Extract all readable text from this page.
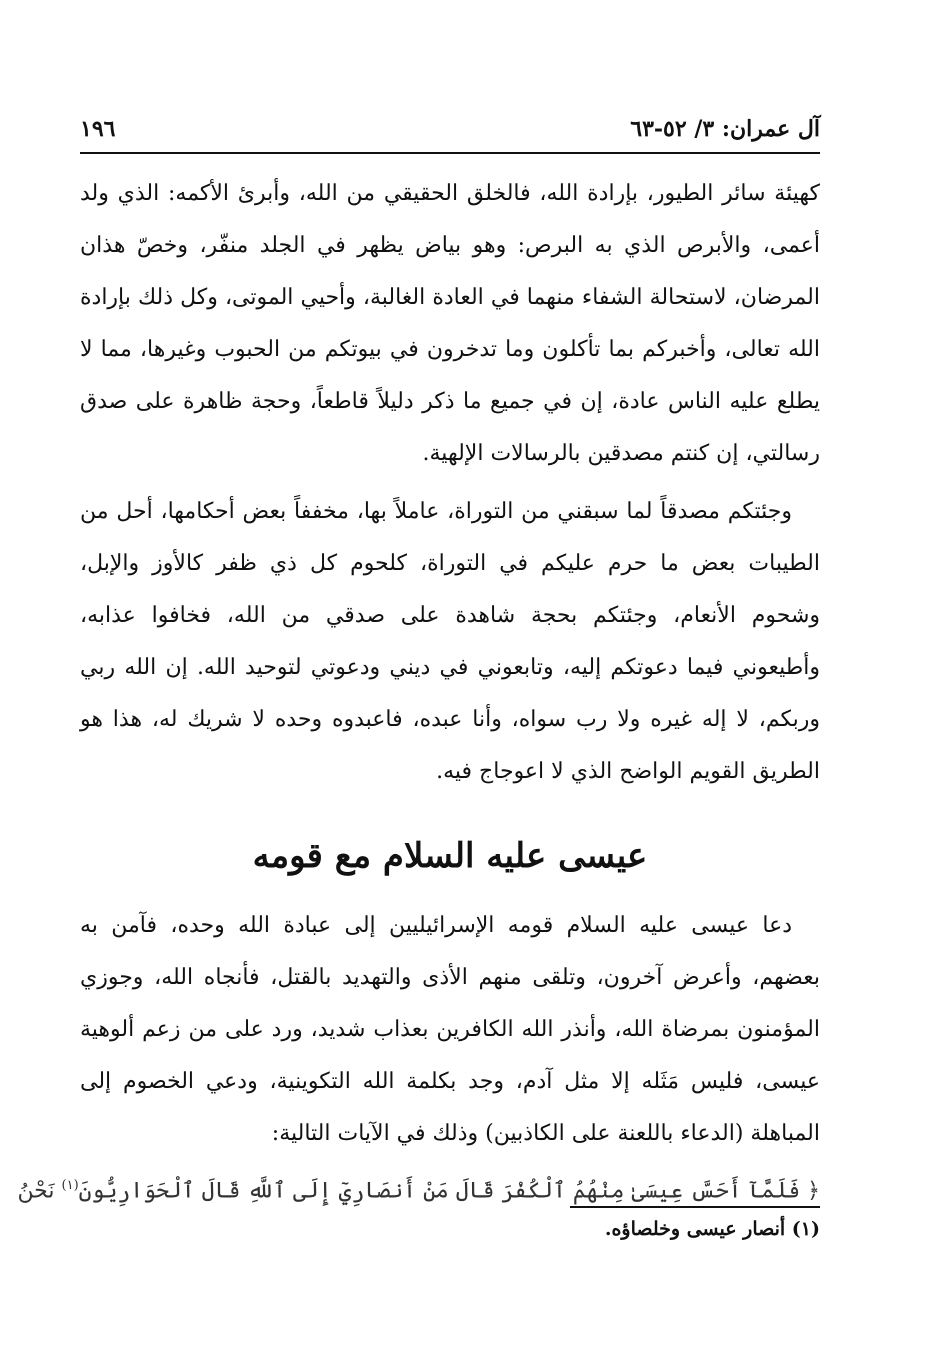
آل عمران: ٣/ ٥٢-٦٣
١٩٦

كهيئة سائر الطيور، بإرادة الله، فالخلق الحقيقي من الله، وأبرئ الأكمه: الذي ولد أعمى، والأبرص الذي به البرص: وهو بياض يظهر في الجلد منفّر، وخصّ هذان المرضان، لاستحالة الشفاء منهما في العادة الغالبة، وأحيي الموتى، وكل ذلك بإرادة الله تعالى، وأخبركم بما تأكلون وما تدخرون في بيوتكم من الحبوب وغيرها، مما لا يطلع عليه الناس عادة، إن في جميع ما ذكر دليلاً قاطعاً، وحجة ظاهرة على صدق رسالتي، إن كنتم مصدقين بالرسالات الإلهية.

وجئتكم مصدقاً لما سبقني من التوراة، عاملاً بها، مخففاً بعض أحكامها، أحل من الطيبات بعض ما حرم عليكم في التوراة، كلحوم كل ذي ظفر كالأوز والإبل، وشحوم الأنعام، وجئتكم بحجة شاهدة على صدقي من الله، فخافوا عذابه، وأطيعوني فيما دعوتكم إليه، وتابعوني في ديني ودعوتي لتوحيد الله. إن الله ربي وربكم، لا إله غيره ولا رب سواه، وأنا عبده، فاعبدوه وحده لا شريك له، هذا هو الطريق القويم الواضح الذي لا اعوجاج فيه.

عيسى عليه السلام مع قومه

دعا عيسى عليه السلام قومه الإسرائيليين إلى عبادة الله وحده، فآمن به بعضهم، وأعرض آخرون، وتلقى منهم الأذى والتهديد بالقتل، فأنجاه الله، وجوزي المؤمنون بمرضاة الله، وأنذر الله الكافرين بعذاب شديد، ورد على من زعم ألوهية عيسى، فليس مَثَله إلا مثل آدم، وجد بكلمة الله التكوينية، ودعي الخصوم إلى المباهلة (الدعاء باللعنة على الكاذبين) وذلك في الآيات التالية:

﴿ فَلَمَّآ أَحَسَّ عِيسَىٰ مِنْهُمُ ٱلْكُفْرَ قَالَ مَنْ أَنصَارِيٓ إِلَى ٱللَّهِ قَالَ ٱلْحَوَارِيُّونَ$^{(١)}$ نَحْنُ
(١) أنصار عيسى وخلصاؤه.
